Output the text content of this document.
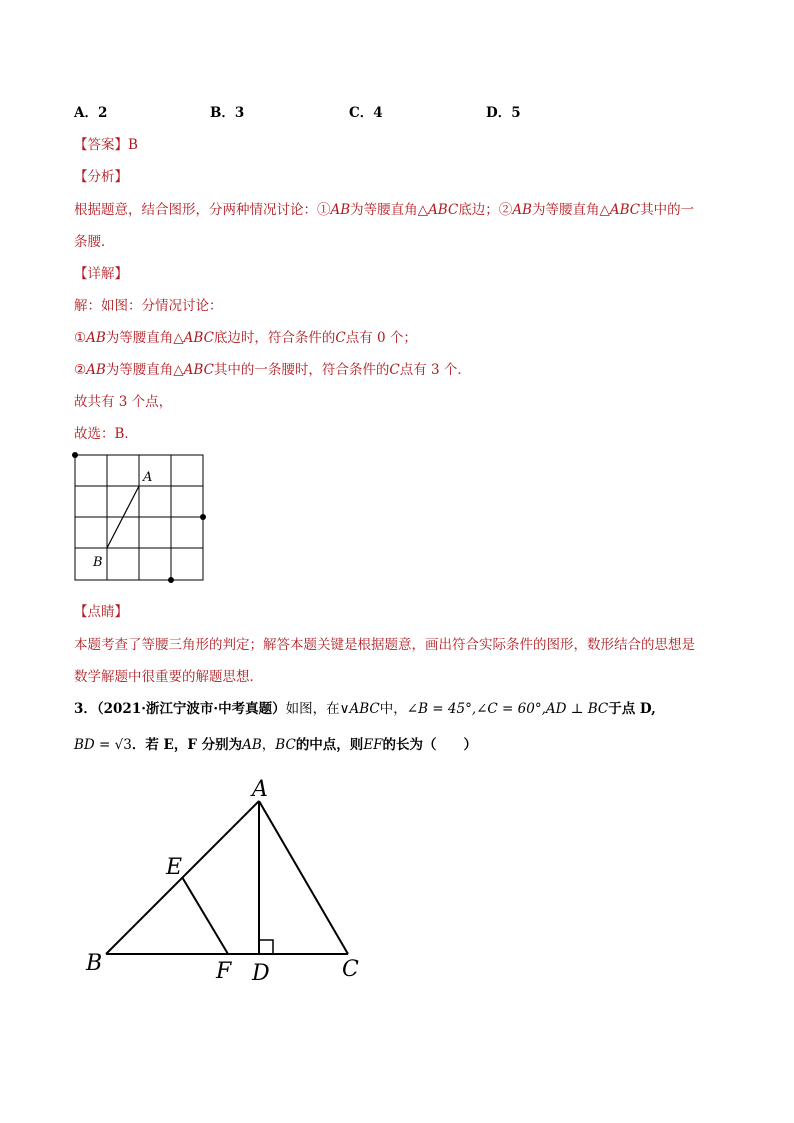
A．2	B．3	C．4	D．5
【答案】B
【分析】
根据题意，结合图形，分两种情况讨论：①AB为等腰直角△ABC底边；②AB为等腰直角△ABC其中的一
条腰．
【详解】
解：如图：分情况讨论：
①AB为等腰直角△ABC底边时，符合条件的C点有 0 个；
②AB为等腰直角△ABC其中的一条腰时，符合条件的C点有 3 个．
故共有 3 个点，
故选：B．
A
B
【点睛】
本题考查了等腰三角形的判定；解答本题关键是根据题意，画出符合实际条件的图形，数形结合的思想是
数学解题中很重要的解题思想．
3．（2021·浙江宁波市·中考真题）如图，在∨ABC中，∠B = 45°,∠C = 60°,AD ⊥ BC于点 D,
BD = √3．若 E，F 分别为AB，BC的中点，则EF的长为（　　）
A
B	C
D
E
F
